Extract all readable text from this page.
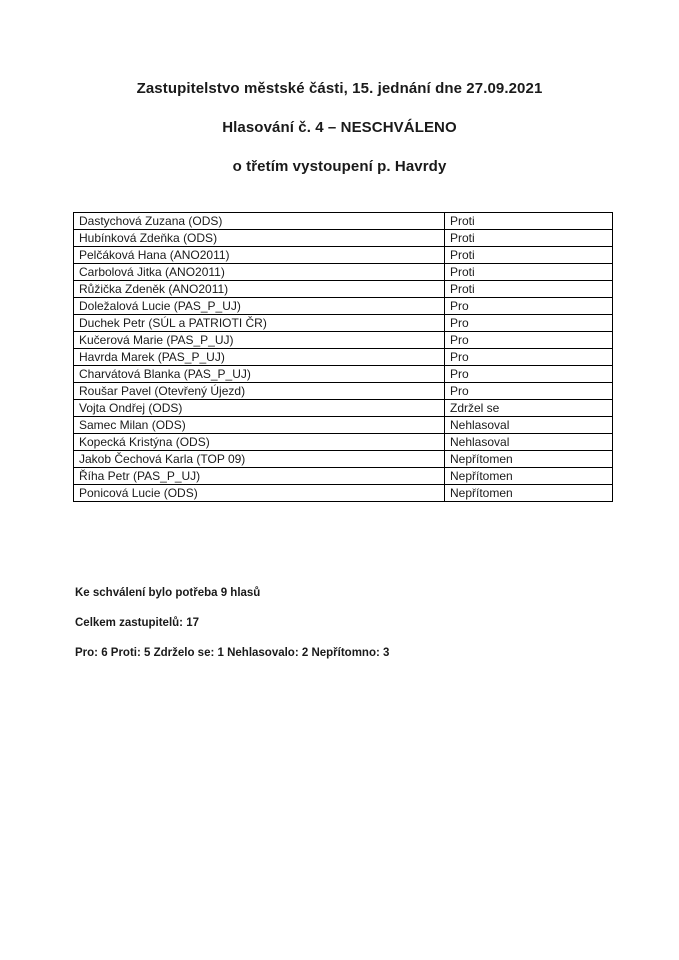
Zastupitelstvo městské části, 15. jednání dne 27.09.2021
Hlasování č. 4 – NESCHVÁLENO
o třetím vystoupení p. Havrdy
Dastychová Zuzana (ODS)	Proti
Hubínková Zdeňka (ODS)	Proti
Pelčáková Hana (ANO2011)	Proti
Carbolová Jitka (ANO2011)	Proti
Růžička Zdeněk (ANO2011)	Proti
Doležalová Lucie (PAS_P_UJ)	Pro
Duchek Petr (SÚL a PATRIOTI ČR)	Pro
Kučerová Marie (PAS_P_UJ)	Pro
Havrda Marek (PAS_P_UJ)	Pro
Charvátová Blanka (PAS_P_UJ)	Pro
Roušar Pavel (Otevřený Újezd)	Pro
Vojta Ondřej (ODS)	Zdržel se
Samec Milan (ODS)	Nehlasoval
Kopecká Kristýna (ODS)	Nehlasoval
Jakob Čechová Karla (TOP 09)	Nepřítomen
Říha Petr (PAS_P_UJ)	Nepřítomen
Ponicová Lucie (ODS)	Nepřítomen
Ke schválení bylo potřeba 9 hlasů
Celkem zastupitelů: 17
Pro: 6 Proti: 5 Zdrželo se: 1 Nehlasovalo: 2 Nepřítomno: 3
